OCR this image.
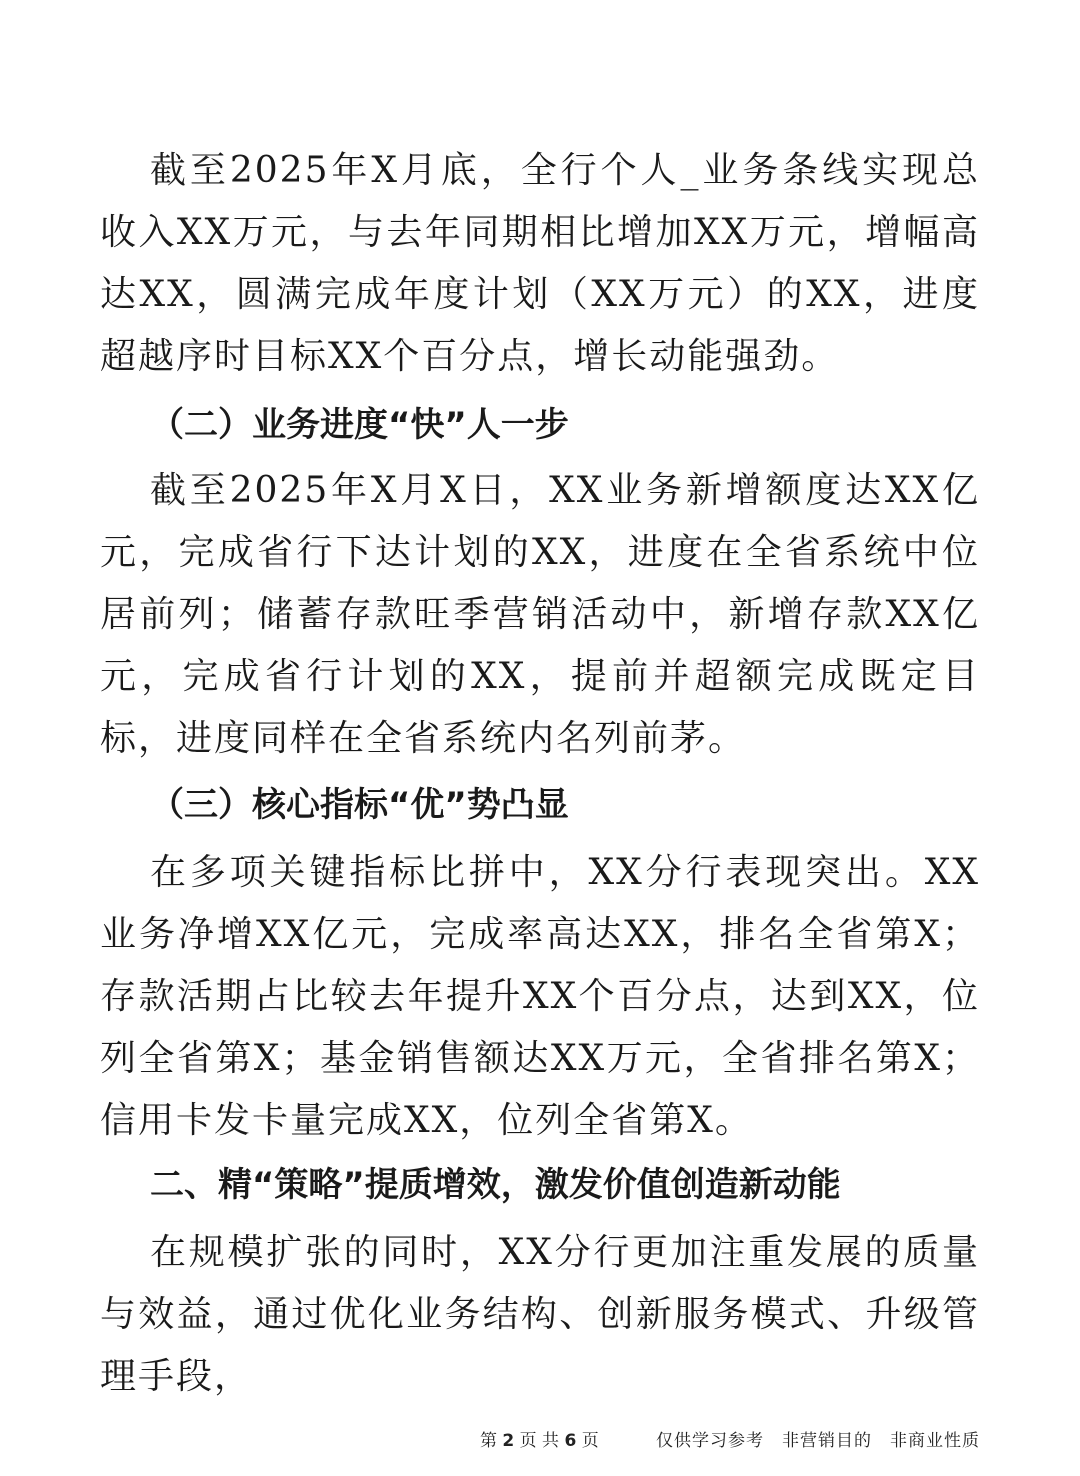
截至2025年X月底，全行个人_业务条线实现总收入XX万元，与去年同期相比增加XX万元，增幅高达XX，圆满完成年度计划（XX万元）的XX，进度超越序时目标XX个百分点，增长动能强劲。

（二）业务进度“快”人一步

截至2025年X月X日，XX业务新增额度达XX亿元，完成省行下达计划的XX，进度在全省系统中位居前列；储蓄存款旺季营销活动中，新增存款XX亿元，完成省行计划的XX，提前并超额完成既定目标，进度同样在全省系统内名列前茅。

（三）核心指标“优”势凸显

在多项关键指标比拼中，XX分行表现突出。XX业务净增XX亿元，完成率高达XX，排名全省第X；存款活期占比较去年提升XX个百分点，达到XX，位列全省第X；基金销售额达XX万元，全省排名第X；信用卡发卡量完成XX，位列全省第X。

二、精“策略”提质增效，激发价值创造新动能

在规模扩张的同时，XX分行更加注重发展的质量与效益，通过优化业务结构、创新服务模式、升级管理手段，

第 2 页 共 6 页	仅供学习参考 非营销目的 非商业性质
